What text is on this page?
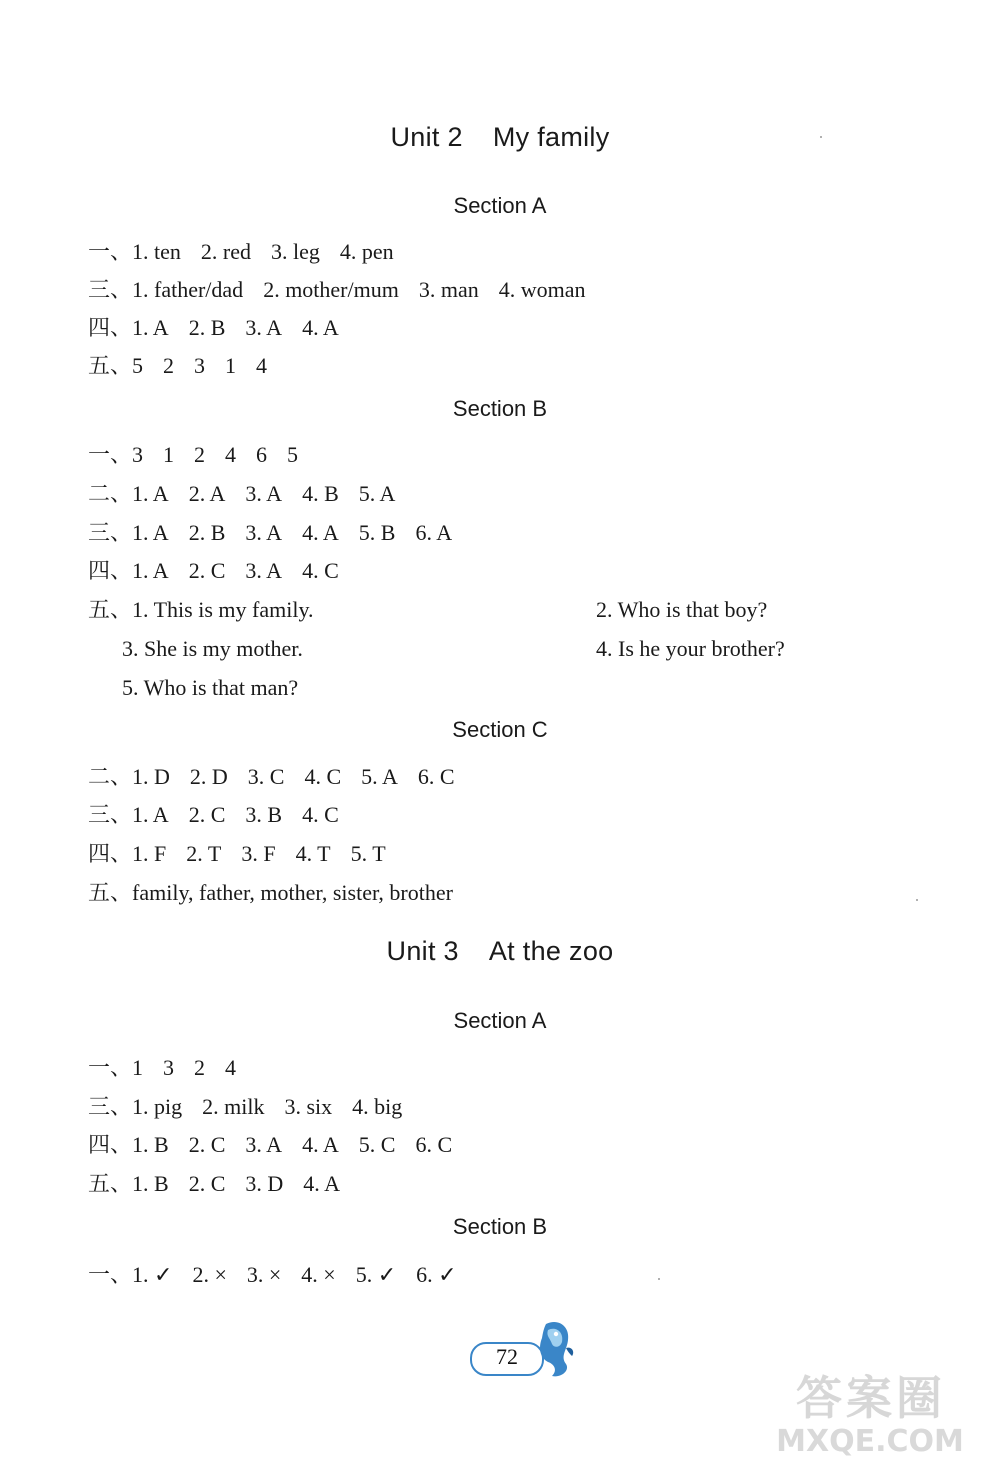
Unit 2 My family
Section A
一、1. ten 2. red 3. leg 4. pen
三、1. father/dad 2. mother/mum 3. man 4. woman
四、1. A 2. B 3. A 4. A
五、5 2 3 1 4
Section B
一、3 1 2 4 6 5
二、1. A 2. A 3. A 4. B 5. A
三、1. A 2. B 3. A 4. A 5. B 6. A
四、1. A 2. C 3. A 4. C
五、1. This is my family.	2. Who is that boy?
3. She is my mother.	4. Is he your brother?
5. Who is that man?
Section C
二、1. D 2. D 3. C 4. C 5. A 6. C
三、1. A 2. C 3. B 4. C
四、1. F 2. T 3. F 4. T 5. T
五、family, father, mother, sister, brother
Unit 3 At the zoo
Section A
一、1 3 2 4
三、1. pig 2. milk 3. six 4. big
四、1. B 2. C 3. A 4. A 5. C 6. C
五、1. B 2. C 3. D 4. A
Section B
一、1. ✓ 2. × 3. × 4. × 5. ✓ 6. ✓
72
答案圈
MXQE.COM
